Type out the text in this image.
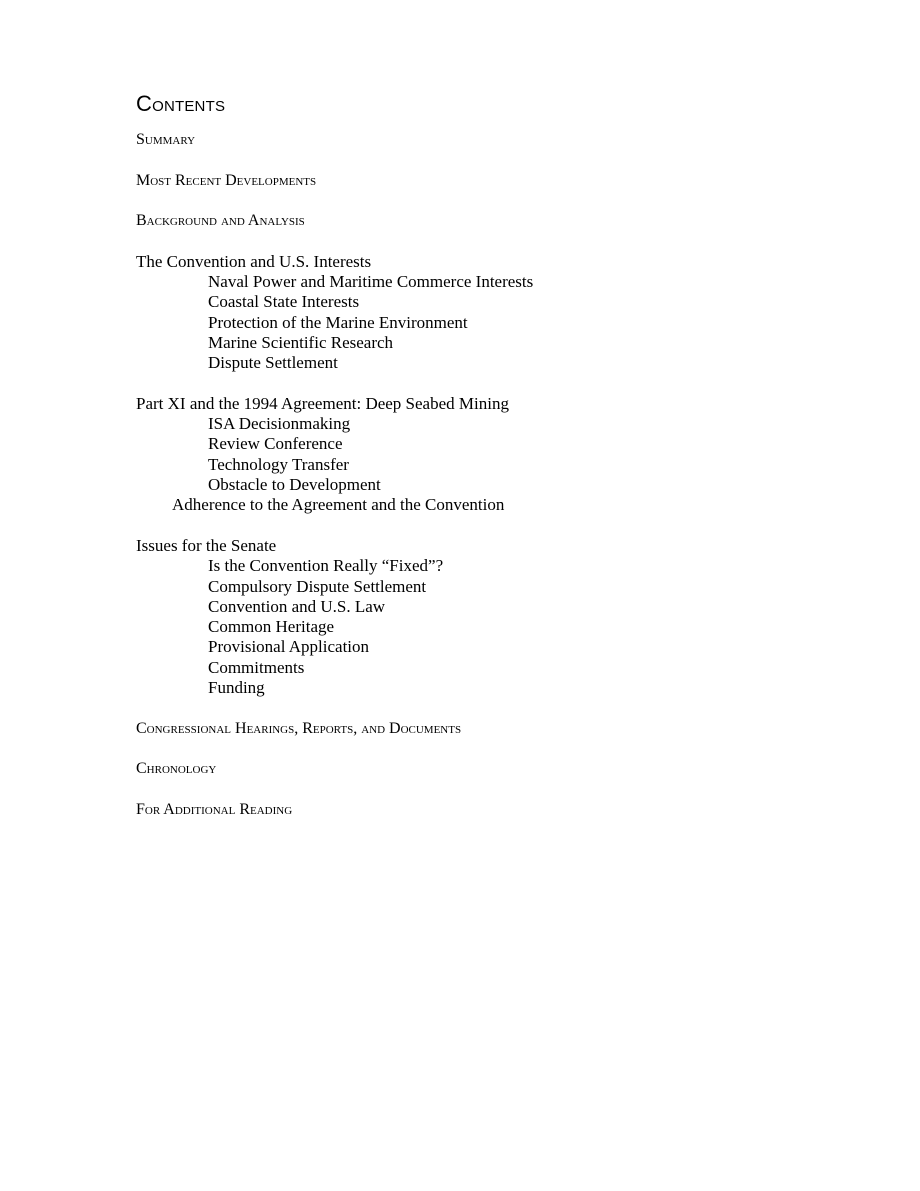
Contents
Summary
Most Recent Developments
Background and Analysis
The Convention and U.S. Interests
Naval Power and Maritime Commerce Interests
Coastal State Interests
Protection of the Marine Environment
Marine Scientific Research
Dispute Settlement
Part XI and the 1994 Agreement: Deep Seabed Mining
ISA Decisionmaking
Review Conference
Technology Transfer
Obstacle to Development
Adherence to the Agreement and the Convention
Issues for the Senate
Is the Convention Really “Fixed”?
Compulsory Dispute Settlement
Convention and U.S. Law
Common Heritage
Provisional Application
Commitments
Funding
Congressional Hearings, Reports, and Documents
Chronology
For Additional Reading
